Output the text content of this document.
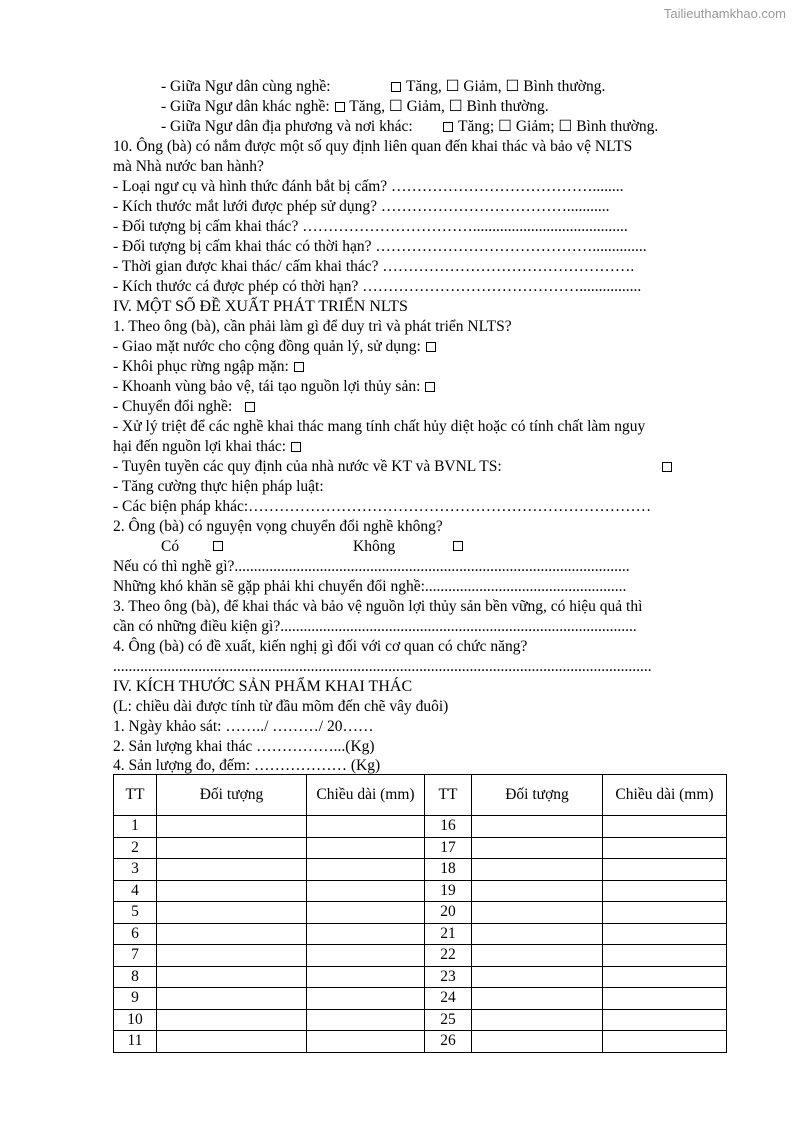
Tailieuthamkhao.com
- Giữa Ngư dân cùng nghề:	Tăng, ☐ Giảm, ☐ Bình thường.
- Giữa Ngư dân khác nghề: Tăng, ☐ Giảm, ☐ Bình thường.
- Giữa Ngư dân địa phương và nơi khác:	Tăng; ☐ Giảm; ☐ Bình thường.
10. Ông (bà) có nắm được một số quy định liên quan đến khai thác và bảo vệ NLTS
mà Nhà nước ban hành?
- Loại ngư cụ và hình thức đánh bắt bị cấm? …………………………………........
- Kích thước mắt lưới được phép sử dụng? ………………………………...........
- Đối tượng bị cấm khai thác? ……………………………........................................
- Đối tượng bị cấm khai thác có thời hạn? ……………………………………..............
- Thời gian được khai thác/ cấm khai thác? ………………………………………….
- Kích thước cá được phép có thời hạn? ……………………………………................
IV. MỘT SỐ ĐỀ XUẤT PHÁT TRIỂN NLTS
1. Theo ông (bà), cần phải làm gì để duy trì và phát triển NLTS?
- Giao mặt nước cho cộng đồng quản lý, sử dụng:
- Khôi phục rừng ngập mặn:
- Khoanh vùng bảo vệ, tái tạo nguồn lợi thủy sản:
- Chuyển đổi nghề:
- Xử lý triệt để các nghề khai thác mang tính chất hủy diệt hoặc có tính chất làm nguy
hại đến nguồn lợi khai thác:
- Tuyên tuyền các quy định của nhà nước về KT và BVNL TS:
- Tăng cường thực hiện pháp luật:
- Các biện pháp khác:……………………………………………………………………
2. Ông (bà) có nguyện vọng chuyển đổi nghề không?
Có	Không
Nếu có thì nghề gì?......................................................................................................
Những khó khăn sẽ gặp phải khi chuyển đổi nghề:....................................................
3. Theo ông (bà), để khai thác và bảo vệ nguồn lợi thủy sản bền vững, có hiệu quả thì
cần có những điều kiện gì?............................................................................................
4. Ông (bà) có đề xuất, kiến nghị gì đối với cơ quan có chức năng?
...........................................................................................................................................
IV. KÍCH THƯỚC SẢN PHẨM KHAI THÁC
(L: chiều dài được tính từ đầu mõm đến chẽ vây đuôi)
1. Ngày khảo sát: ……../ ………/ 20……
2. Sản lượng khai thác ……………...(Kg)
4. Sản lượng đo, đếm: ……………… (Kg)
TT	Đối tượng	Chiều dài (mm)	TT	Đối tượng	Chiều dài (mm)
1			16		
2			17		
3			18		
4			19		
5			20		
6			21		
7			22		
8			23		
9			24		
10			25		
11			26		
